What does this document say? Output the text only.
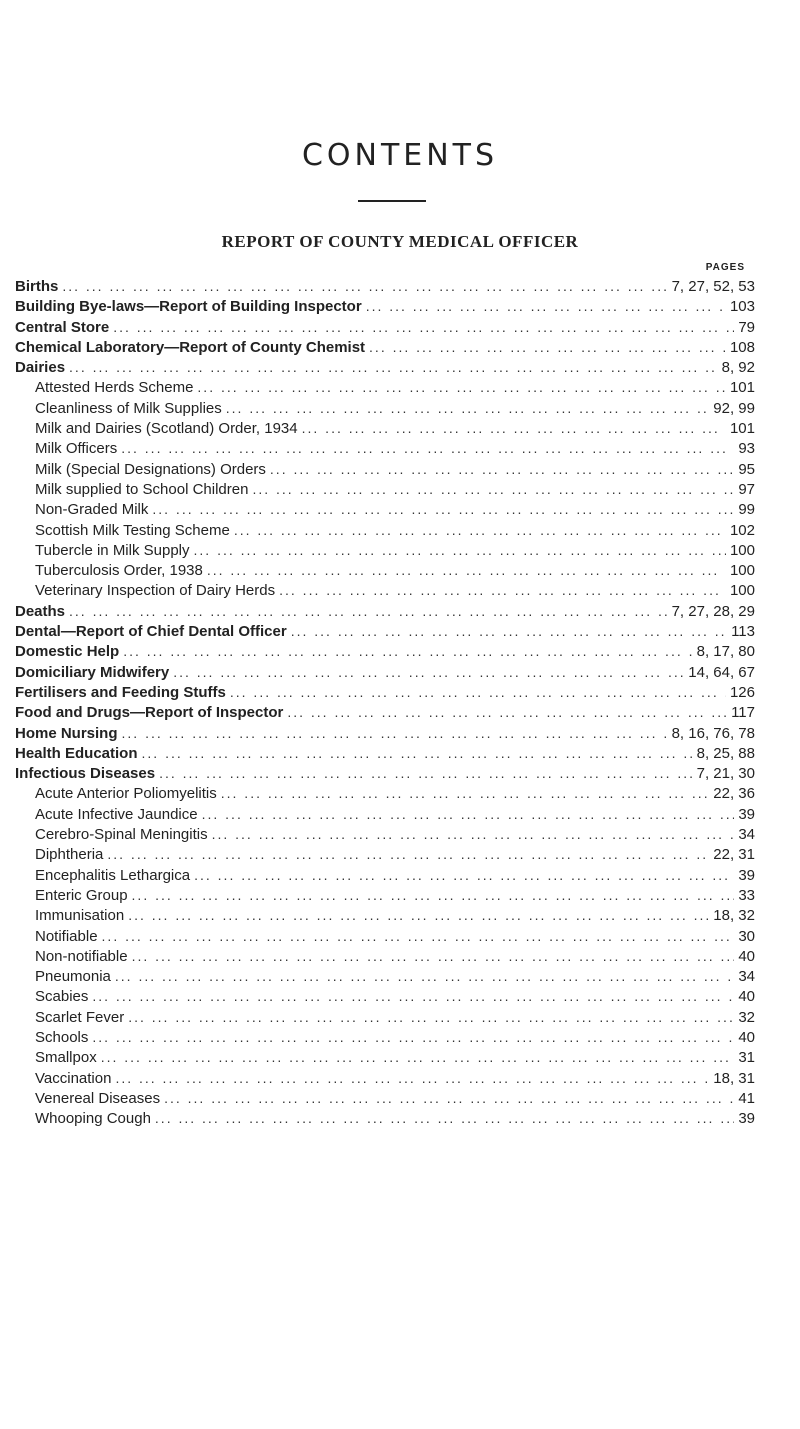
CONTENTS
REPORT OF COUNTY MEDICAL OFFICER
PAGES
Births ... .	7, 27, 52, 53
Building Bye-laws—Report of Building Inspector ... .	103
Central Store ... .	79
Chemical Laboratory—Report of County Chemist ... .	108
Dairies ... .	8, 92
Attested Herds Scheme ... .	101
Cleanliness of Milk Supplies ... .	92, 99
Milk and Dairies (Scotland) Order, 1934 ... .	101
Milk Officers ... .	93
Milk (Special Designations) Orders ... .	95
Milk supplied to School Children ... .	97
Non-Graded Milk ... .	99
Scottish Milk Testing Scheme ... .	102
Tubercle in Milk Supply ... .	100
Tuberculosis Order, 1938 ... .	100
Veterinary Inspection of Dairy Herds ... .	100
Deaths ... .	7, 27, 28, 29
Dental—Report of Chief Dental Officer ... .	113
Domestic Help ... .	8, 17, 80
Domiciliary Midwifery ... .	14, 64, 67
Fertilisers and Feeding Stuffs ... .	126
Food and Drugs—Report of Inspector ... .	117
Home Nursing ... .	8, 16, 76, 78
Health Education ... .	8, 25, 88
Infectious Diseases ... .	7, 21, 30
Acute Anterior Poliomyelitis ... .	22, 36
Acute Infective Jaundice ... .	39
Cerebro-Spinal Meningitis ... .	34
Diphtheria ... .	22, 31
Encephalitis Lethargica ... .	39
Enteric Group ... .	33
Immunisation ... .	18, 32
Notifiable ... .	30
Non-notifiable ... .	40
Pneumonia ... .	34
Scabies ... .	40
Scarlet Fever ... .	32
Schools ... .	40
Smallpox ... .	31
Vaccination ... .	18, 31
Venereal Diseases ... .	41
Whooping Cough ... .	39
